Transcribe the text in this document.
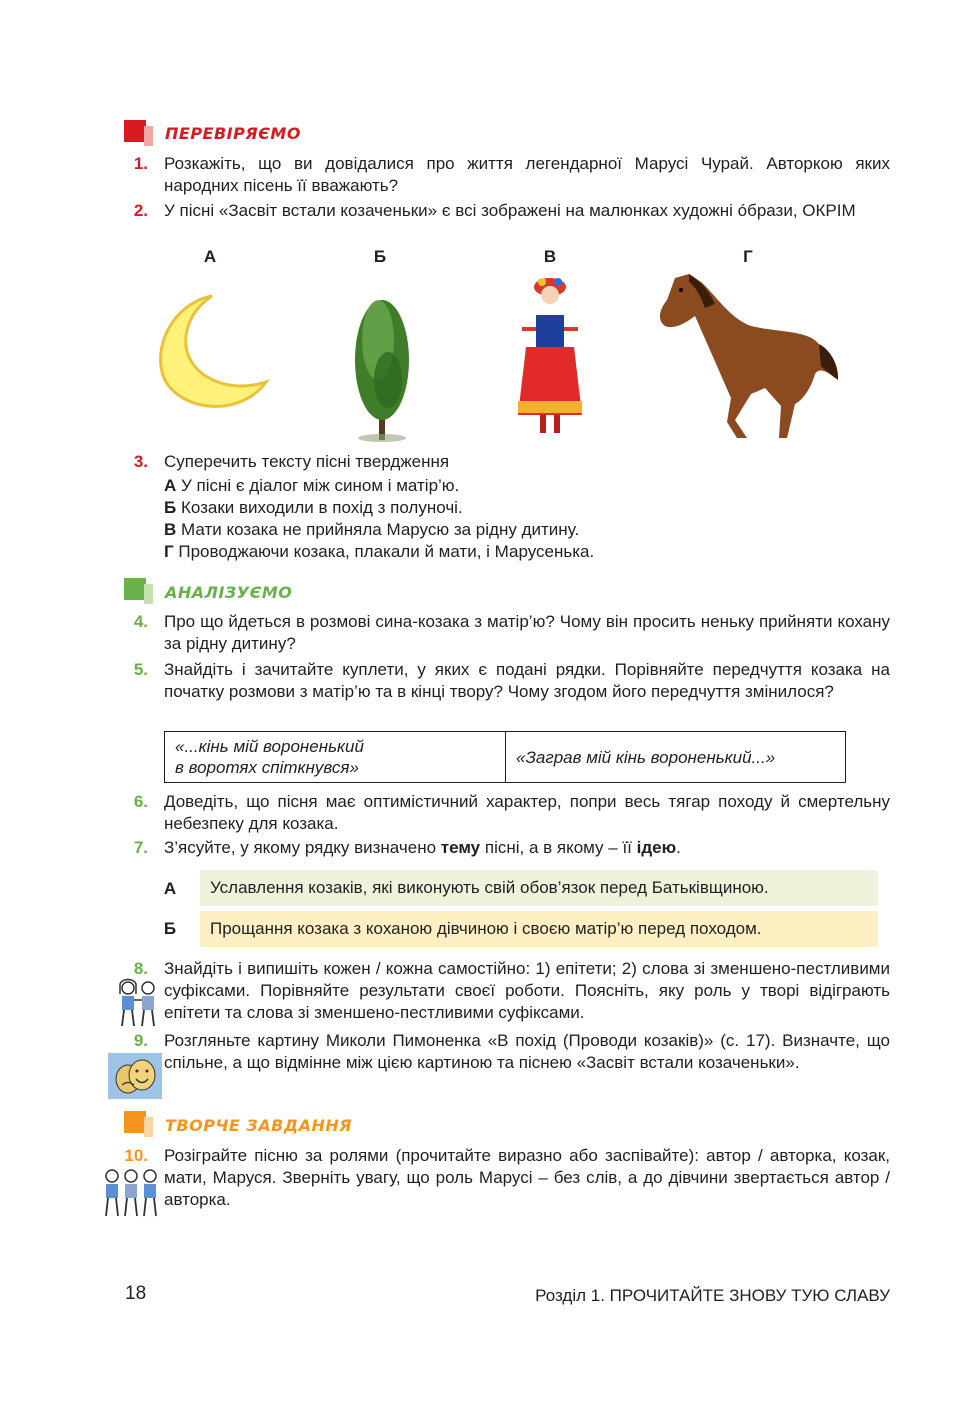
ПЕРЕВІРЯЄМО
1. Розкажіть, що ви довідалися про життя легендарної Марусі Чурай. Авторкою яких народних пісень її вважають?
2. У пісні «Засвіт встали козаченьки» є всі зображені на малюнках художні óбрази, ОКРІМ
А	Б	В	Г
3. Суперечить тексту пісні твердження
А У пісні є діалог між сином і матір’ю.
Б Козаки виходили в похід з полуночі.
В Мати козака не прийняла Марусю за рідну дитину.
Г Проводжаючи козака, плакали й мати, і Марусенька.
АНАЛІЗУЄМО
4. Про що йдеться в розмові сина-козака з матір’ю? Чому він просить неньку прийняти кохану за рідну дитину?
5. Знайдіть і зачитайте куплети, у яких є подані рядки. Порівняйте передчуття козака на початку розмови з матір’ю та в кінці твору? Чому згодом його передчуття змінилося?
«...кінь мій вороненький
в воротях спіткнувся»	«Заграв мій кінь вороненький...»
6. Доведіть, що пісня має оптимістичний характер, попри весь тягар походу й смертельну небезпеку для козака.
7. З’ясуйте, у якому рядку визначено тему пісні, а в якому – її ідею.
А	Уславлення козаків, які виконують свій обов’язок перед Батьківщиною.
Б	Прощання козака з коханою дівчиною і своєю матір’ю перед походом.
8. Знайдіть і випишіть кожен / кожна самостійно: 1) епітети; 2) слова зі зменшено-пестливими суфіксами. Порівняйте результати своєї роботи. Поясніть, яку роль у творі відіграють епітети та слова зі зменшено-пестливими суфіксами.
9. Розгляньте картину Миколи Пимоненка «В похід (Проводи козаків)» (с. 17). Визначте, що спільне, а що відмінне між цією картиною та піснею «Засвіт встали козаченьки».
ТВОРЧЕ ЗАВДАННЯ
10. Розіграйте пісню за ролями (прочитайте виразно або заспівайте): автор / авторка, козак, мати, Маруся. Зверніть увагу, що роль Марусі – без слів, а до дівчини звертається автор / авторка.
18	Розділ 1. ПРОЧИТАЙТЕ ЗНОВУ ТУЮ СЛАВУ
